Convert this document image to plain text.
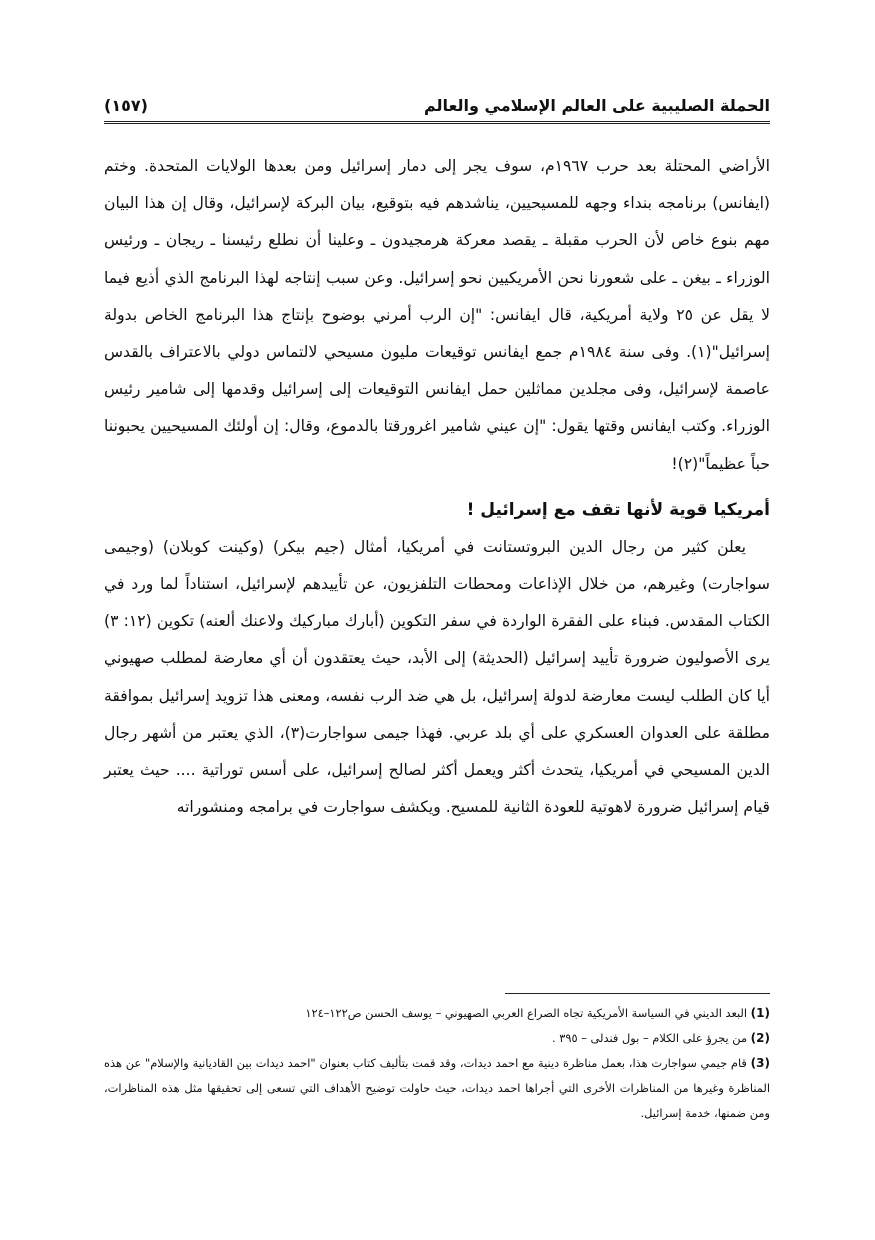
الحملة الصليبية على العالم الإسلامي والعالم
(١٥٧)

الأراضي المحتلة بعد حرب ١٩٦٧م، سوف يجر إلى دمار إسرائيل ومن بعدها الولايات المتحدة. وختم (ايفانس) برنامجه بنداء وجهه للمسيحيين، يناشدهم فيه بتوقيع، بيان البركة لإسرائيل، وقال إن هذا البيان مهم بنوع خاص لأن الحرب مقبلة ـ يقصد معركة هرمجيدون ـ وعلينا أن نطلع رئيسنا ـ ريجان ـ ورئيس الوزراء ـ بيغن ـ على شعورنا نحن الأمريكيين نحو إسرائيل. وعن سبب إنتاجه لهذا البرنامج الذي أذيع فيما لا يقل عن ٢٥ ولاية أمريكية، قال ايفانس: "إن الرب أمرني بوضوح بإنتاج هذا البرنامج الخاص بدولة إسرائيل"(١). وفى سنة ١٩٨٤م جمع ايفانس توقيعات مليون مسيحي لالتماس دولي بالاعتراف بالقدس عاصمة لإسرائيل، وفى مجلدين مماثلين حمل ايفانس التوقيعات إلى إسرائيل وقدمها إلى شامير رئيس الوزراء. وكتب ايفانس وقتها يقول: "إن عيني شامير اغرورقتا بالدموع، وقال: إن أولئك المسيحيين يحبوننا حباً عظيماً"(٢)!

أمريكيا قوية لأنها تقف مع إسرائيل !

يعلن كثير من رجال الدين البروتستانت في أمريكيا، أمثال (جيم بيكر) (وكينت كوبلان) (وجيمى سواجارت) وغيرهم، من خلال الإذاعات ومحطات التلفزيون، عن تأييدهم لإسرائيل، استناداً لما ورد في الكتاب المقدس. فبناء على الفقرة الواردة في سفر التكوين (أبارك مباركيك ولاعنك ألعنه) تكوين (١٢: ٣) يرى الأصوليون ضرورة تأييد إسرائيل (الحديثة) إلى الأبد، حيث يعتقدون أن أي معارضة لمطلب صهيوني أيا كان الطلب ليست معارضة لدولة إسرائيل، بل هي ضد الرب نفسه، ومعنى هذا تزويد إسرائيل بموافقة مطلقة على العدوان العسكري على أي بلد عربي. فهذا جيمى سواجارت(٣)، الذي يعتبر من أشهر رجال الدين المسيحي في أمريكيا، يتحدث أكثر ويعمل أكثر لصالح إسرائيل، على أسس توراتية .... حيث يعتبر قيام إسرائيل ضرورة لاهوتية للعودة الثانية للمسيح. ويكشف سواجارت في برامجه ومنشوراته

(1) البعد الديني في السياسة الأمريكية تجاه الصراع العربي الصهيوني – يوسف الحسن ص١٢٢–١٢٤

(2) من يجرؤ على الكلام – بول فندلى – ٣٩٥ .

(3) قام جيمي سواجارت هذا، بعمل مناظرة دينية مع احمد ديدات، وقد قمت بتأليف كتاب بعنوان "احمد ديدات بين القاديانية والإسلام" عن هذه المناظرة وغيرها من المناظرات الأخرى التي أجراها احمد ديدات، حيث حاولت توضيح الأهداف التي تسعى إلى تحقيقها مثل هذه المناظرات، ومن ضمنها، خدمة إسرائيل.
